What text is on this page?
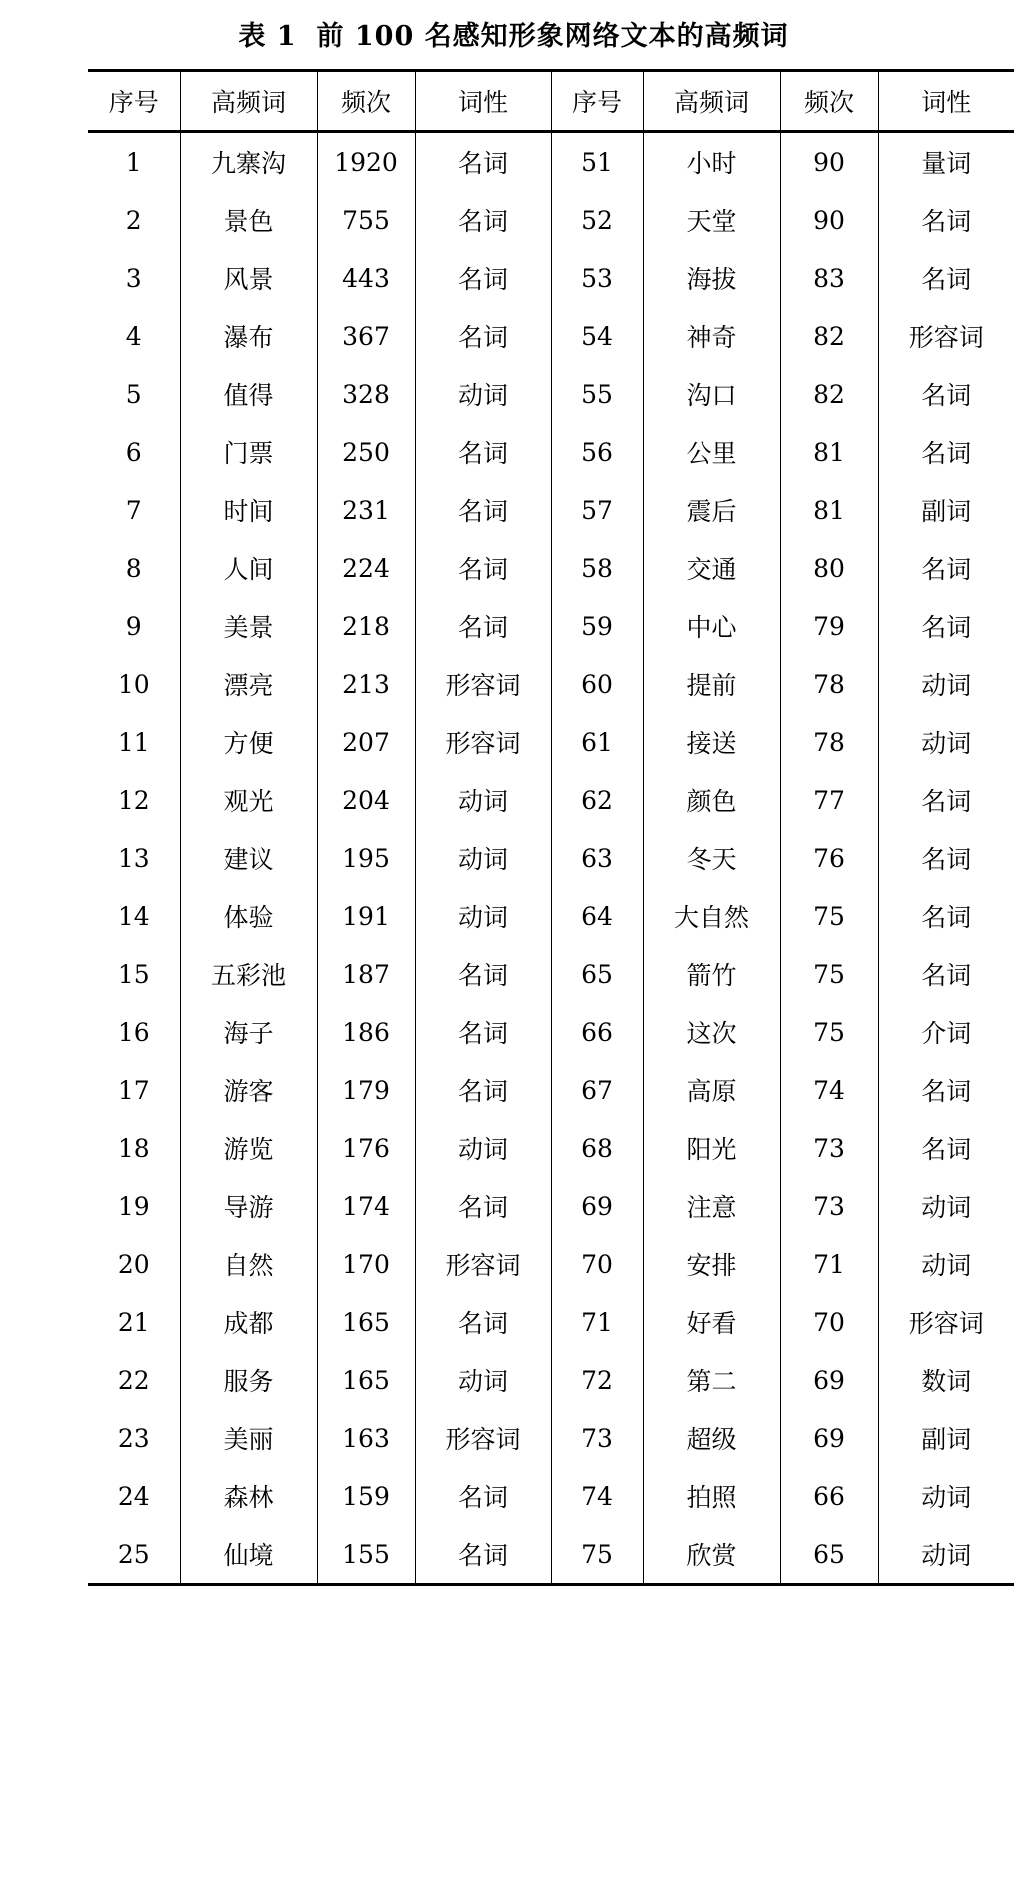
表 1 前 100 名感知形象网络文本的高频词
序号	高频词	频次	词性	序号	高频词	频次	词性
1	九寨沟	1920	名词	51	小时	90	量词
2	景色	755	名词	52	天堂	90	名词
3	风景	443	名词	53	海拔	83	名词
4	瀑布	367	名词	54	神奇	82	形容词
5	值得	328	动词	55	沟口	82	名词
6	门票	250	名词	56	公里	81	名词
7	时间	231	名词	57	震后	81	副词
8	人间	224	名词	58	交通	80	名词
9	美景	218	名词	59	中心	79	名词
10	漂亮	213	形容词	60	提前	78	动词
11	方便	207	形容词	61	接送	78	动词
12	观光	204	动词	62	颜色	77	名词
13	建议	195	动词	63	冬天	76	名词
14	体验	191	动词	64	大自然	75	名词
15	五彩池	187	名词	65	箭竹	75	名词
16	海子	186	名词	66	这次	75	介词
17	游客	179	名词	67	高原	74	名词
18	游览	176	动词	68	阳光	73	名词
19	导游	174	名词	69	注意	73	动词
20	自然	170	形容词	70	安排	71	动词
21	成都	165	名词	71	好看	70	形容词
22	服务	165	动词	72	第二	69	数词
23	美丽	163	形容词	73	超级	69	副词
24	森林	159	名词	74	拍照	66	动词
25	仙境	155	名词	75	欣赏	65	动词
